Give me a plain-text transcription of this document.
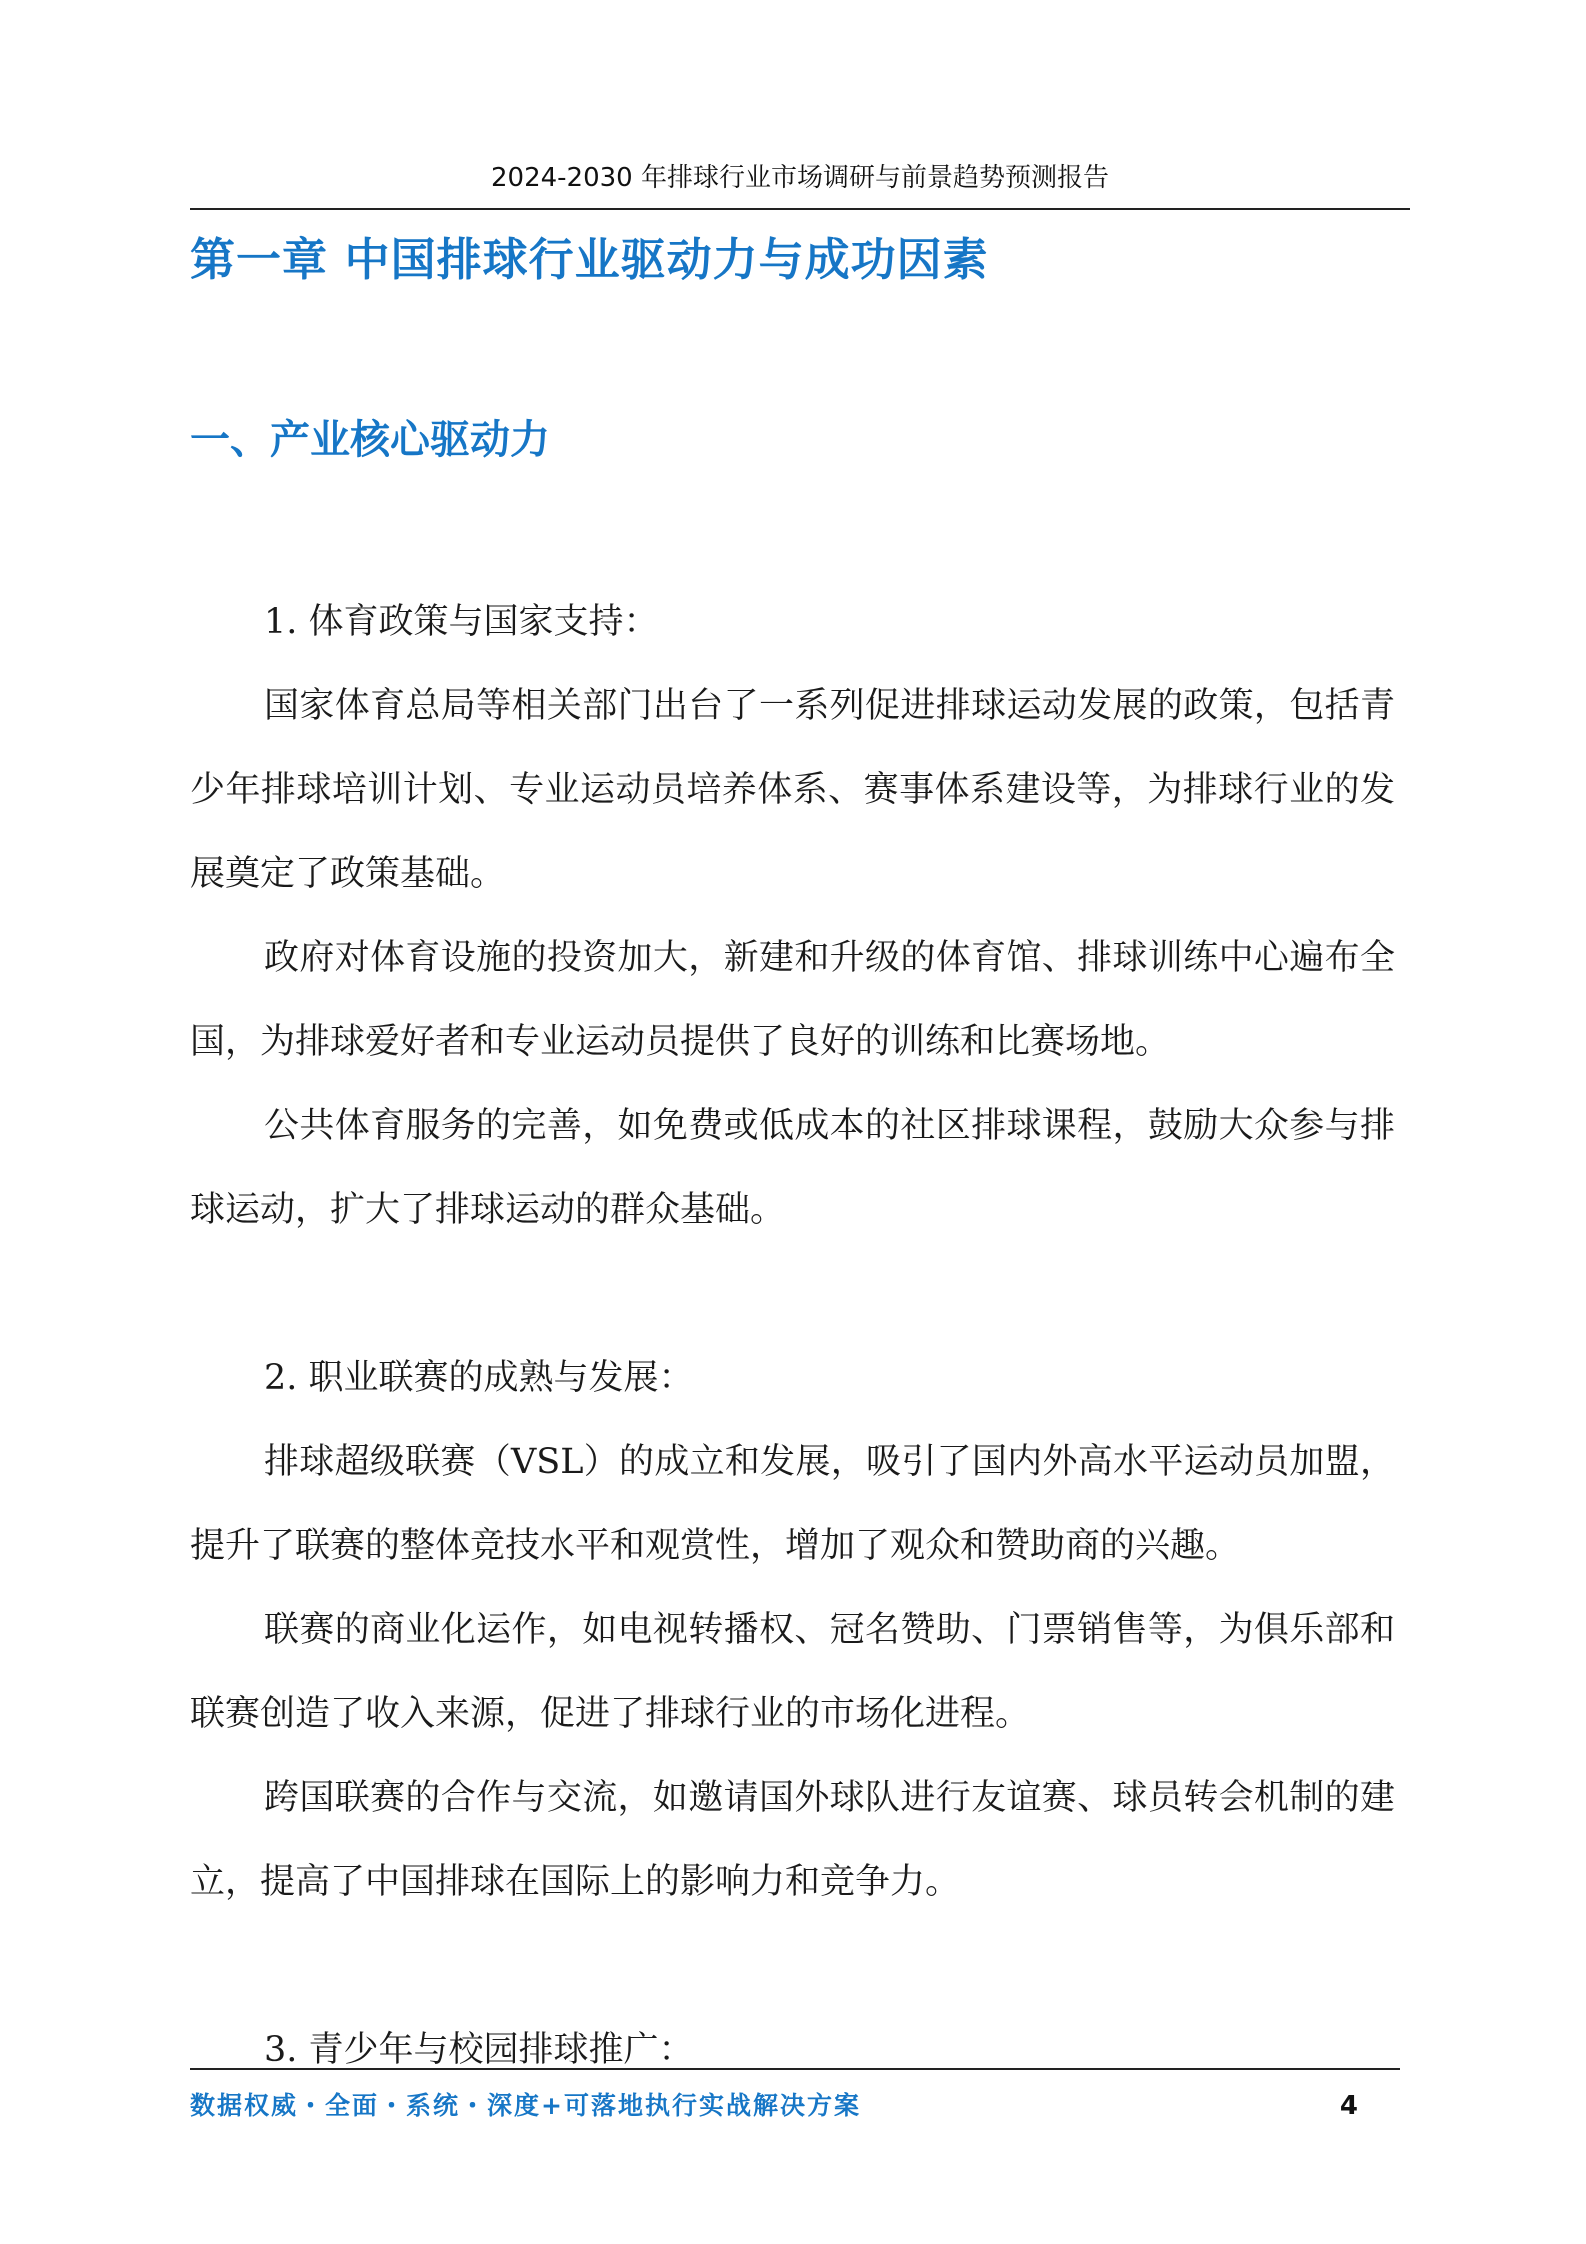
2024-2030 年排球行业市场调研与前景趋势预测报告
第一章 中国排球行业驱动力与成功因素
一、产业核心驱动力

1. 体育政策与国家支持：

国家体育总局等相关部门出台了一系列促进排球运动发展的政策，包括青少年排球培训计划、专业运动员培养体系、赛事体系建设等，为排球行业的发展奠定了政策基础。

政府对体育设施的投资加大，新建和升级的体育馆、排球训练中心遍布全国，为排球爱好者和专业运动员提供了良好的训练和比赛场地。

公共体育服务的完善，如免费或低成本的社区排球课程，鼓励大众参与排球运动，扩大了排球运动的群众基础。

2. 职业联赛的成熟与发展：

排球超级联赛（VSL）的成立和发展，吸引了国内外高水平运动员加盟，提升了联赛的整体竞技水平和观赏性，增加了观众和赞助商的兴趣。

联赛的商业化运作，如电视转播权、冠名赞助、门票销售等，为俱乐部和联赛创造了收入来源，促进了排球行业的市场化进程。

跨国联赛的合作与交流，如邀请国外球队进行友谊赛、球员转会机制的建立，提高了中国排球在国际上的影响力和竞争力。

3. 青少年与校园排球推广：

数据权威・全面・系统・深度+可落地执行实战解决方案	4
